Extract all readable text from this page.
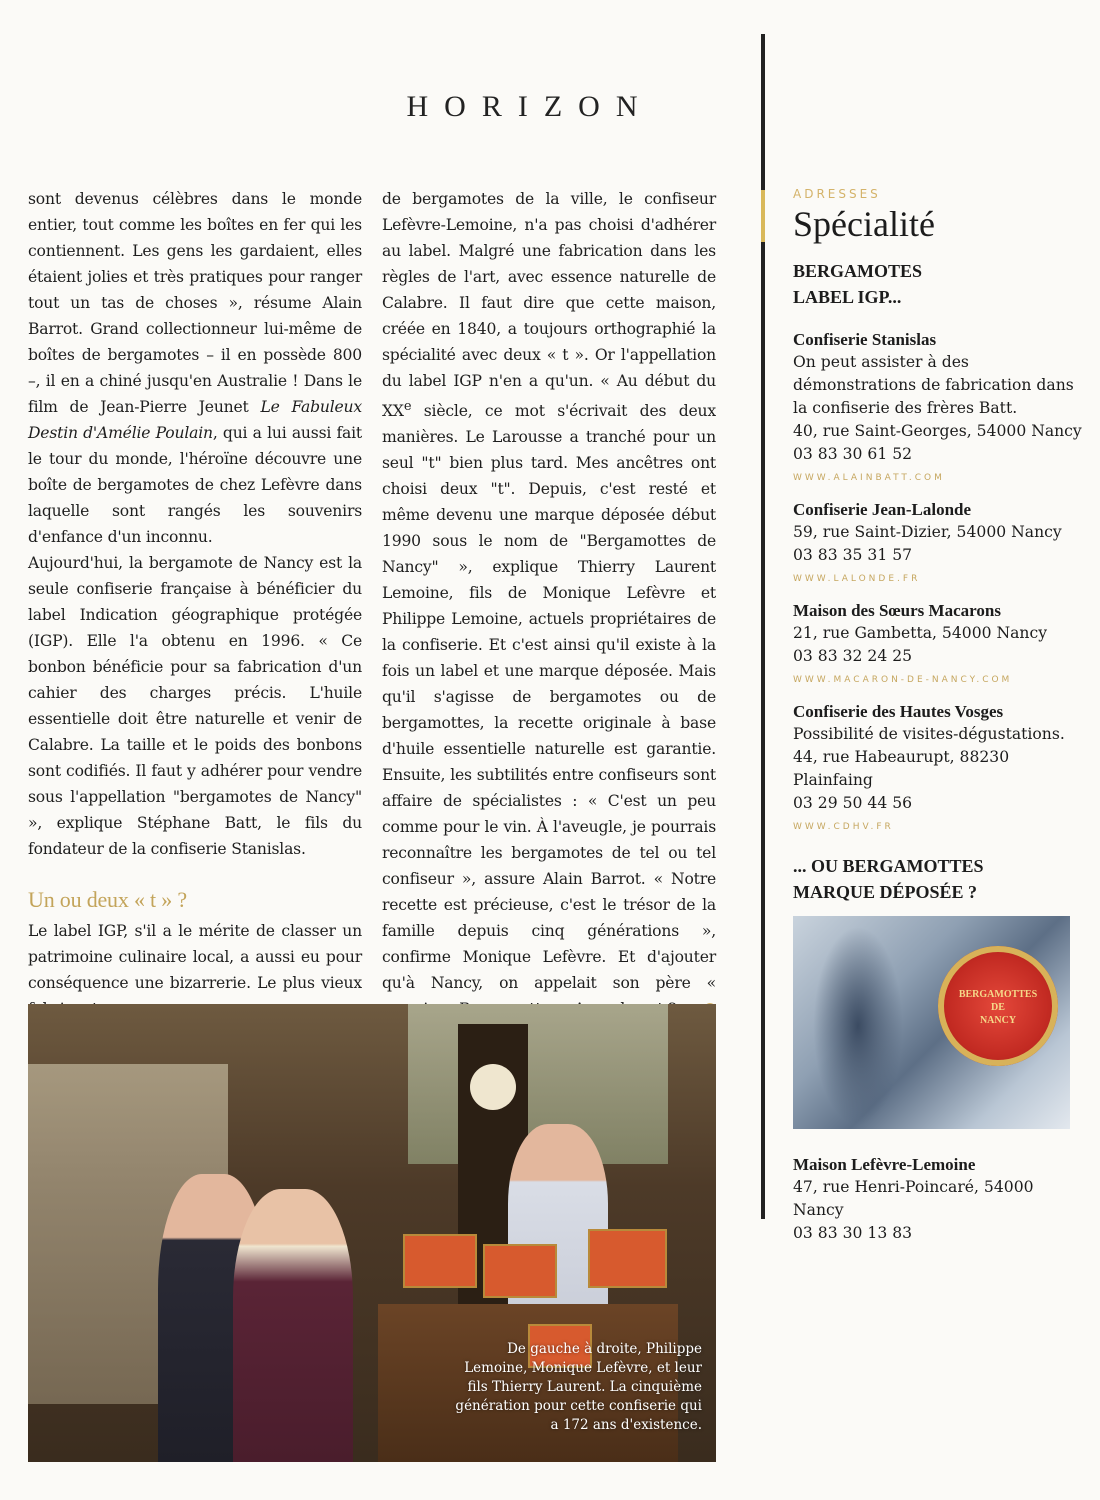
HORIZON

sont devenus célèbres dans le monde entier, tout comme les boîtes en fer qui les contiennent. Les gens les gardaient, elles étaient jolies et très pratiques pour ranger tout un tas de choses », résume Alain Barrot. Grand collectionneur lui-même de boîtes de bergamotes – il en possède 800 –, il en a chiné jusqu'en Australie ! Dans le film de Jean-Pierre Jeunet Le Fabuleux Destin d'Amélie Poulain, qui a lui aussi fait le tour du monde, l'héroïne découvre une boîte de bergamotes de chez Lefèvre dans laquelle sont rangés les souvenirs d'enfance d'un inconnu.

Aujourd'hui, la bergamote de Nancy est la seule confiserie française à bénéficier du label Indication géographique protégée (IGP). Elle l'a obtenu en 1996. « Ce bonbon bénéficie pour sa fabrication d'un cahier des charges précis. L'huile essentielle doit être naturelle et venir de Calabre. La taille et le poids des bonbons sont codifiés. Il faut y adhérer pour vendre sous l'appellation "bergamotes de Nancy" », explique Stéphane Batt, le fils du fondateur de la confiserie Stanislas.

Un ou deux « t » ?

Le label IGP, s'il a le mérite de classer un patrimoine culinaire local, a aussi eu pour conséquence une bizarrerie. Le plus vieux

de bergamotes de la ville, le confiseur Lefèvre-Lemoine, n'a pas choisi d'adhérer au label. Malgré une fabrication dans les règles de l'art, avec essence naturelle de Calabre. Il faut dire que cette maison, créée en 1840, a toujours orthographié la spécialité avec deux « t ». Or l'appellation du label IGP n'en a qu'un. « Au début du XXe siècle, ce mot s'écrivait des deux manières. Le Larousse a tranché pour un seul "t" bien plus tard. Mes ancêtres ont choisi deux "t". Depuis, c'est resté et même devenu une marque déposée début 1990 sous le nom de "Bergamottes de Nancy" », explique Thierry Laurent Lemoine, fils de Monique Lefèvre et Philippe Lemoine, actuels propriétaires de la confiserie. Et c'est ainsi qu'il existe à la fois un label et une marque déposée. Mais qu'il s'agisse de bergamotes ou de bergamottes, la recette originale à base d'huile essentielle naturelle est garantie. Ensuite, les subtilités entre confiseurs sont affaire de spécialistes : « C'est un peu comme pour le vin. À l'aveugle, je pourrais reconnaître les bergamotes de tel ou tel confiseur », assure Alain Barrot. « Notre recette est précieuse, c'est le trésor de la famille depuis cinq générations », confirme Monique Lefèvre. Et d'ajouter qu'à Nancy, on appelait son père «

ADRESSES

Spécialité
BERGAMOTES
LABEL IGP...
Confiserie Stanislas
On peut assister à des démonstrations de fabrication dans la confiserie des frères Batt.
40, rue Saint-Georges, 54000 Nancy
03 83 30 61 52
WWW.ALAINBATT.COM
Confiserie Jean-Lalonde
59, rue Saint-Dizier, 54000 Nancy
03 83 35 31 57
WWW.LALONDE.FR
Maison des Sœurs Macarons
21, rue Gambetta, 54000 Nancy
03 83 32 24 25
WWW.MACARON-DE-NANCY.COM
Confiserie des Hautes Vosges
Possibilité de visites-dégustations.
44, rue Habeaurupt, 88230 Plainfaing
03 29 50 44 56
WWW.CDHV.FR
... OU BERGAMOTTES
MARQUE DÉPOSÉE ?
BERGAMOTTES
DE
NANCY
Maison Lefèvre-Lemoine
47, rue Henri-Poincaré, 54000 Nancy
03 83 30 13 83
De gauche à droite, Philippe Lemoine, Monique Lefèvre, et leur fils Thierry Laurent. La cinquième génération pour cette confiserie qui a 172 ans d'existence.
